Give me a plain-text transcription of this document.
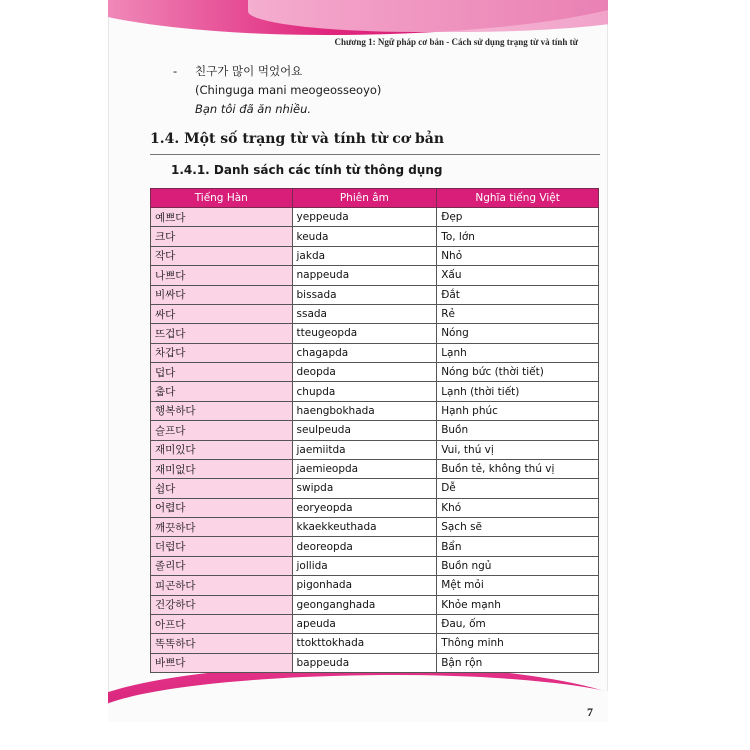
Chương 1: Ngữ pháp cơ bản - Cách sử dụng trạng từ và tính từ
- 친구가 많이 먹었어요
(Chinguga mani meogeosseoyo)
Bạn tôi đã ăn nhiều.
1.4. Một số trạng từ và tính từ cơ bản
1.4.1. Danh sách các tính từ thông dụng
Tiếng Hàn	Phiên âm	Nghĩa tiếng Việt
예쁘다	yeppeuda	Đẹp
크다	keuda	To, lớn
작다	jakda	Nhỏ
나쁘다	nappeuda	Xấu
비싸다	bissada	Đắt
싸다	ssada	Rẻ
뜨겁다	tteugeopda	Nóng
차갑다	chagapda	Lạnh
덥다	deopda	Nóng bức (thời tiết)
춥다	chupda	Lạnh (thời tiết)
행복하다	haengbokhada	Hạnh phúc
슬프다	seulpeuda	Buồn
재미있다	jaemiitda	Vui, thú vị
재미없다	jaemieopda	Buồn tẻ, không thú vị
쉽다	swipda	Dễ
어렵다	eoryeopda	Khó
깨끗하다	kkaekkeuthada	Sạch sẽ
더럽다	deoreopda	Bẩn
졸리다	jollida	Buồn ngủ
피곤하다	pigonhada	Mệt mỏi
건강하다	geonganghada	Khỏe mạnh
아프다	apeuda	Đau, ốm
똑똑하다	ttokttokhada	Thông minh
바쁘다	bappeuda	Bận rộn
7
